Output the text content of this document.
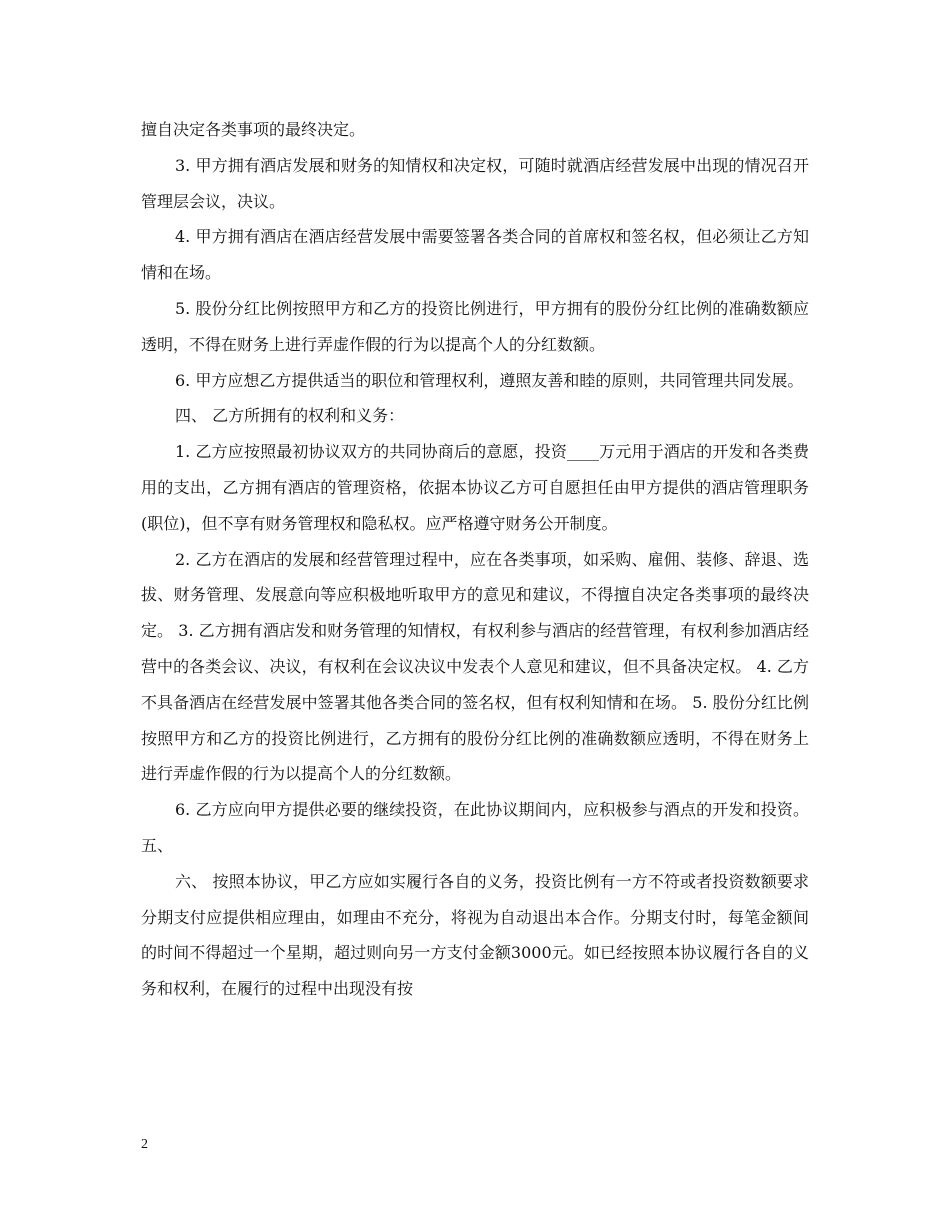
擅自决定各类事项的最终决定。

3. 甲方拥有酒店发展和财务的知情权和决定权，可随时就酒店经营发展中出现的情况召开管理层会议，决议。

4. 甲方拥有酒店在酒店经营发展中需要签署各类合同的首席权和签名权，但必须让乙方知情和在场。

5. 股份分红比例按照甲方和乙方的投资比例进行，甲方拥有的股份分红比例的准确数额应透明，不得在财务上进行弄虚作假的行为以提高个人的分红数额。

6. 甲方应想乙方提供适当的职位和管理权利，遵照友善和睦的原则，共同管理共同发展。

四、 乙方所拥有的权利和义务：

1. 乙方应按照最初协议双方的共同协商后的意愿，投资____万元用于酒店的开发和各类费用的支出，乙方拥有酒店的管理资格，依据本协议乙方可自愿担任由甲方提供的酒店管理职务(职位)，但不享有财务管理权和隐私权。应严格遵守财务公开制度。

2. 乙方在酒店的发展和经营管理过程中，应在各类事项，如采购、雇佣、装修、辞退、选拔、财务管理、发展意向等应积极地听取甲方的意见和建议，不得擅自决定各类事项的最终决定。 3. 乙方拥有酒店发和财务管理的知情权，有权利参与酒店的经营管理，有权利参加酒店经营中的各类会议、决议，有权利在会议决议中发表个人意见和建议，但不具备决定权。 4. 乙方不具备酒店在经营发展中签署其他各类合同的签名权，但有权利知情和在场。 5. 股份分红比例按照甲方和乙方的投资比例进行，乙方拥有的股份分红比例的准确数额应透明，不得在财务上进行弄虚作假的行为以提高个人的分红数额。

6. 乙方应向甲方提供必要的继续投资，在此协议期间内，应积极参与酒点的开发和投资。 五、

六、 按照本协议，甲乙方应如实履行各自的义务，投资比例有一方不符或者投资数额要求分期支付应提供相应理由，如理由不充分，将视为自动退出本合作。分期支付时，每笔金额间的时间不得超过一个星期，超过则向另一方支付金额3000元。如已经按照本协议履行各自的义务和权利，在履行的过程中出现没有按

2
